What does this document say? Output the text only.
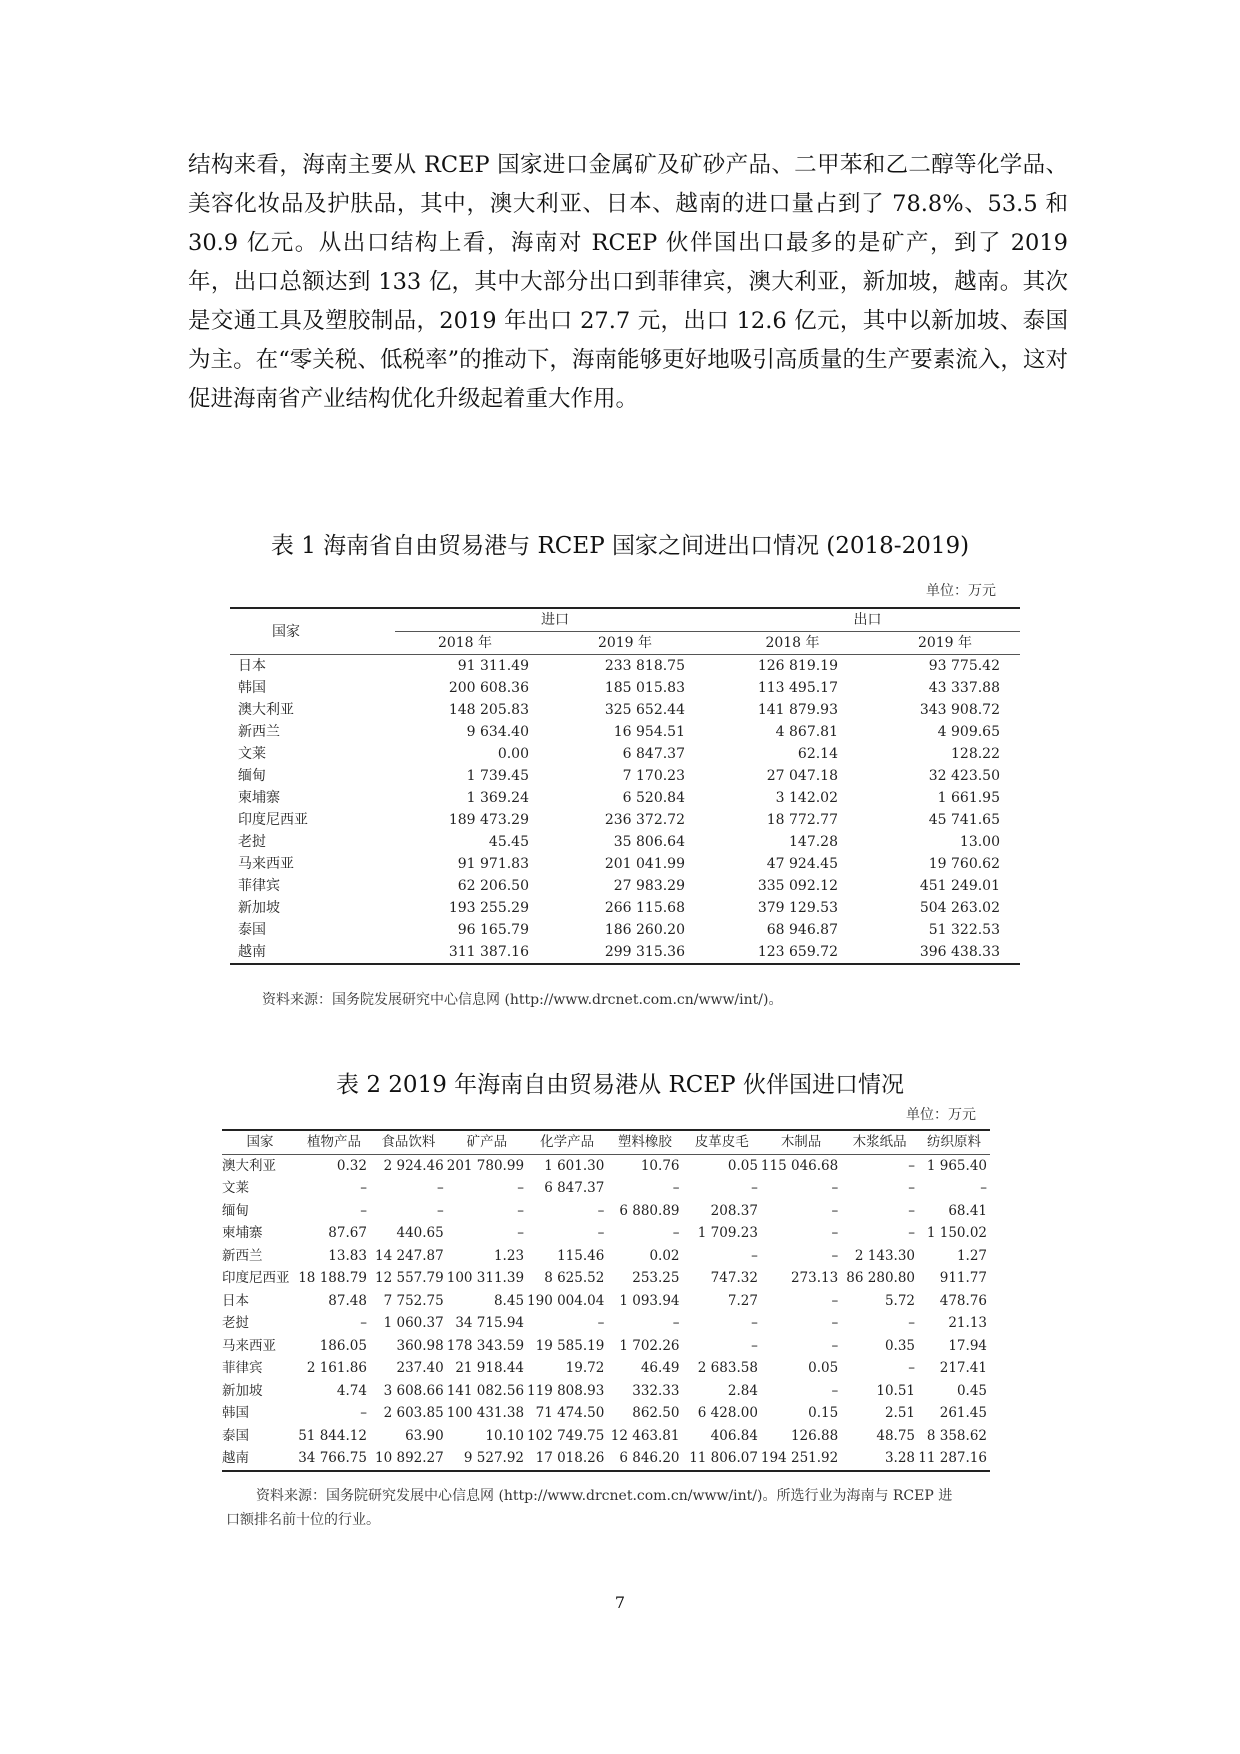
结构来看，海南主要从 RCEP 国家进口金属矿及矿砂产品、二甲苯和乙二醇等化学品、美容化妆品及护肤品，其中，澳大利亚、日本、越南的进口量占到了 78.8%、53.5 和 30.9 亿元。从出口结构上看，海南对 RCEP 伙伴国出口最多的是矿产，到了 2019 年，出口总额达到 133 亿，其中大部分出口到菲律宾，澳大利亚，新加坡，越南。其次是交通工具及塑胶制品，2019 年出口 27.7 元，出口 12.6 亿元，其中以新加坡、泰国为主。在“零关税、低税率”的推动下，海南能够更好地吸引高质量的生产要素流入，这对促进海南省产业结构优化升级起着重大作用。

表 1 海南省自由贸易港与 RCEP 国家之间进出口情况 (2018-2019)
单位：万元
国家	进口		出口	
	2018 年	2019 年	2018 年	2019 年
日本	91 311.49	233 818.75	126 819.19	93 775.42
韩国	200 608.36	185 015.83	113 495.17	43 337.88
澳大利亚	148 205.83	325 652.44	141 879.93	343 908.72
新西兰	9 634.40	16 954.51	4 867.81	4 909.65
文莱	0.00	6 847.37	62.14	128.22
缅甸	1 739.45	7 170.23	27 047.18	32 423.50
柬埔寨	1 369.24	6 520.84	3 142.02	1 661.95
印度尼西亚	189 473.29	236 372.72	18 772.77	45 741.65
老挝	45.45	35 806.64	147.28	13.00
马来西亚	91 971.83	201 041.99	47 924.45	19 760.62
菲律宾	62 206.50	27 983.29	335 092.12	451 249.01
新加坡	193 255.29	266 115.68	379 129.53	504 263.02
泰国	96 165.79	186 260.20	68 946.87	51 322.53
越南	311 387.16	299 315.36	123 659.72	396 438.33
资料来源：国务院发展研究中心信息网 (http://www.drcnet.com.cn/www/int/)。
表 2 2019 年海南自由贸易港从 RCEP 伙伴国进口情况
单位：万元
国家	植物产品	食品饮料	矿产品	化学产品	塑料橡胶	皮革皮毛	木制品	木浆纸品	纺织原料
澳大利亚	0.32	2 924.46	201 780.99	1 601.30	10.76	0.05	115 046.68	–	1 965.40
文莱	–	–	–	6 847.37	–	–	–	–	–
缅甸	–	–	–	–	6 880.89	208.37	–	–	68.41
柬埔寨	87.67	440.65	–	–	–	1 709.23	–	–	1 150.02
新西兰	13.83	14 247.87	1.23	115.46	0.02	–	–	2 143.30	1.27
印度尼西亚	18 188.79	12 557.79	100 311.39	8 625.52	253.25	747.32	273.13	86 280.80	911.77
日本	87.48	7 752.75	8.45	190 004.04	1 093.94	7.27	–	5.72	478.76
老挝	–	1 060.37	34 715.94	–	–	–	–	–	21.13
马来西亚	186.05	360.98	178 343.59	19 585.19	1 702.26	–	–	0.35	17.94
菲律宾	2 161.86	237.40	21 918.44	19.72	46.49	2 683.58	0.05	–	217.41
新加坡	4.74	3 608.66	141 082.56	119 808.93	332.33	2.84	–	10.51	0.45
韩国	–	2 603.85	100 431.38	71 474.50	862.50	6 428.00	0.15	2.51	261.45
泰国	51 844.12	63.90	10.10	102 749.75	12 463.81	406.84	126.88	48.75	8 358.62
越南	34 766.75	10 892.27	9 527.92	17 018.26	6 846.20	11 806.07	194 251.92	3.28	11 287.16
资料来源：国务院研究发展中心信息网 (http://www.drcnet.com.cn/www/int/)。所选行业为海南与 RCEP 进
口额排名前十位的行业。
7
